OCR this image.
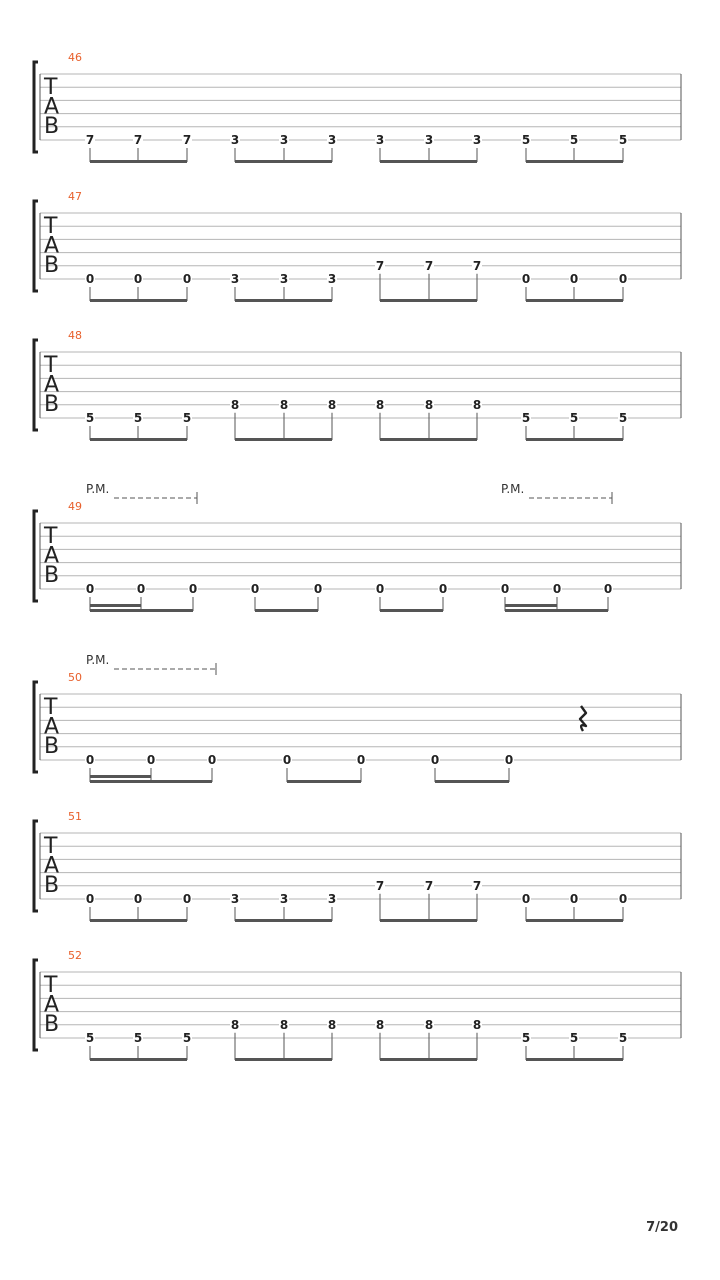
T
A
B
46
7	7	7	3	3	3	3	3	3	5	5	5
T
A
B
47
0	0	0	3	3	3
7	7	7
0	0	0
T
A
B
48
5	5	5
8	8	8	8	8	8
5	5	5
T
A
B
49
0	0	0	0	0	0	0	0	0	0
P.M.	P.M.
T
A
B
50
0	0	0	0	0	0	0
P.M.
T
A
B
51
0	0	0	3	3	3
7	7	7
0	0	0
T
A
B
52
5	5	5
8	8	8	8	8	8
5	5	5
7/20
